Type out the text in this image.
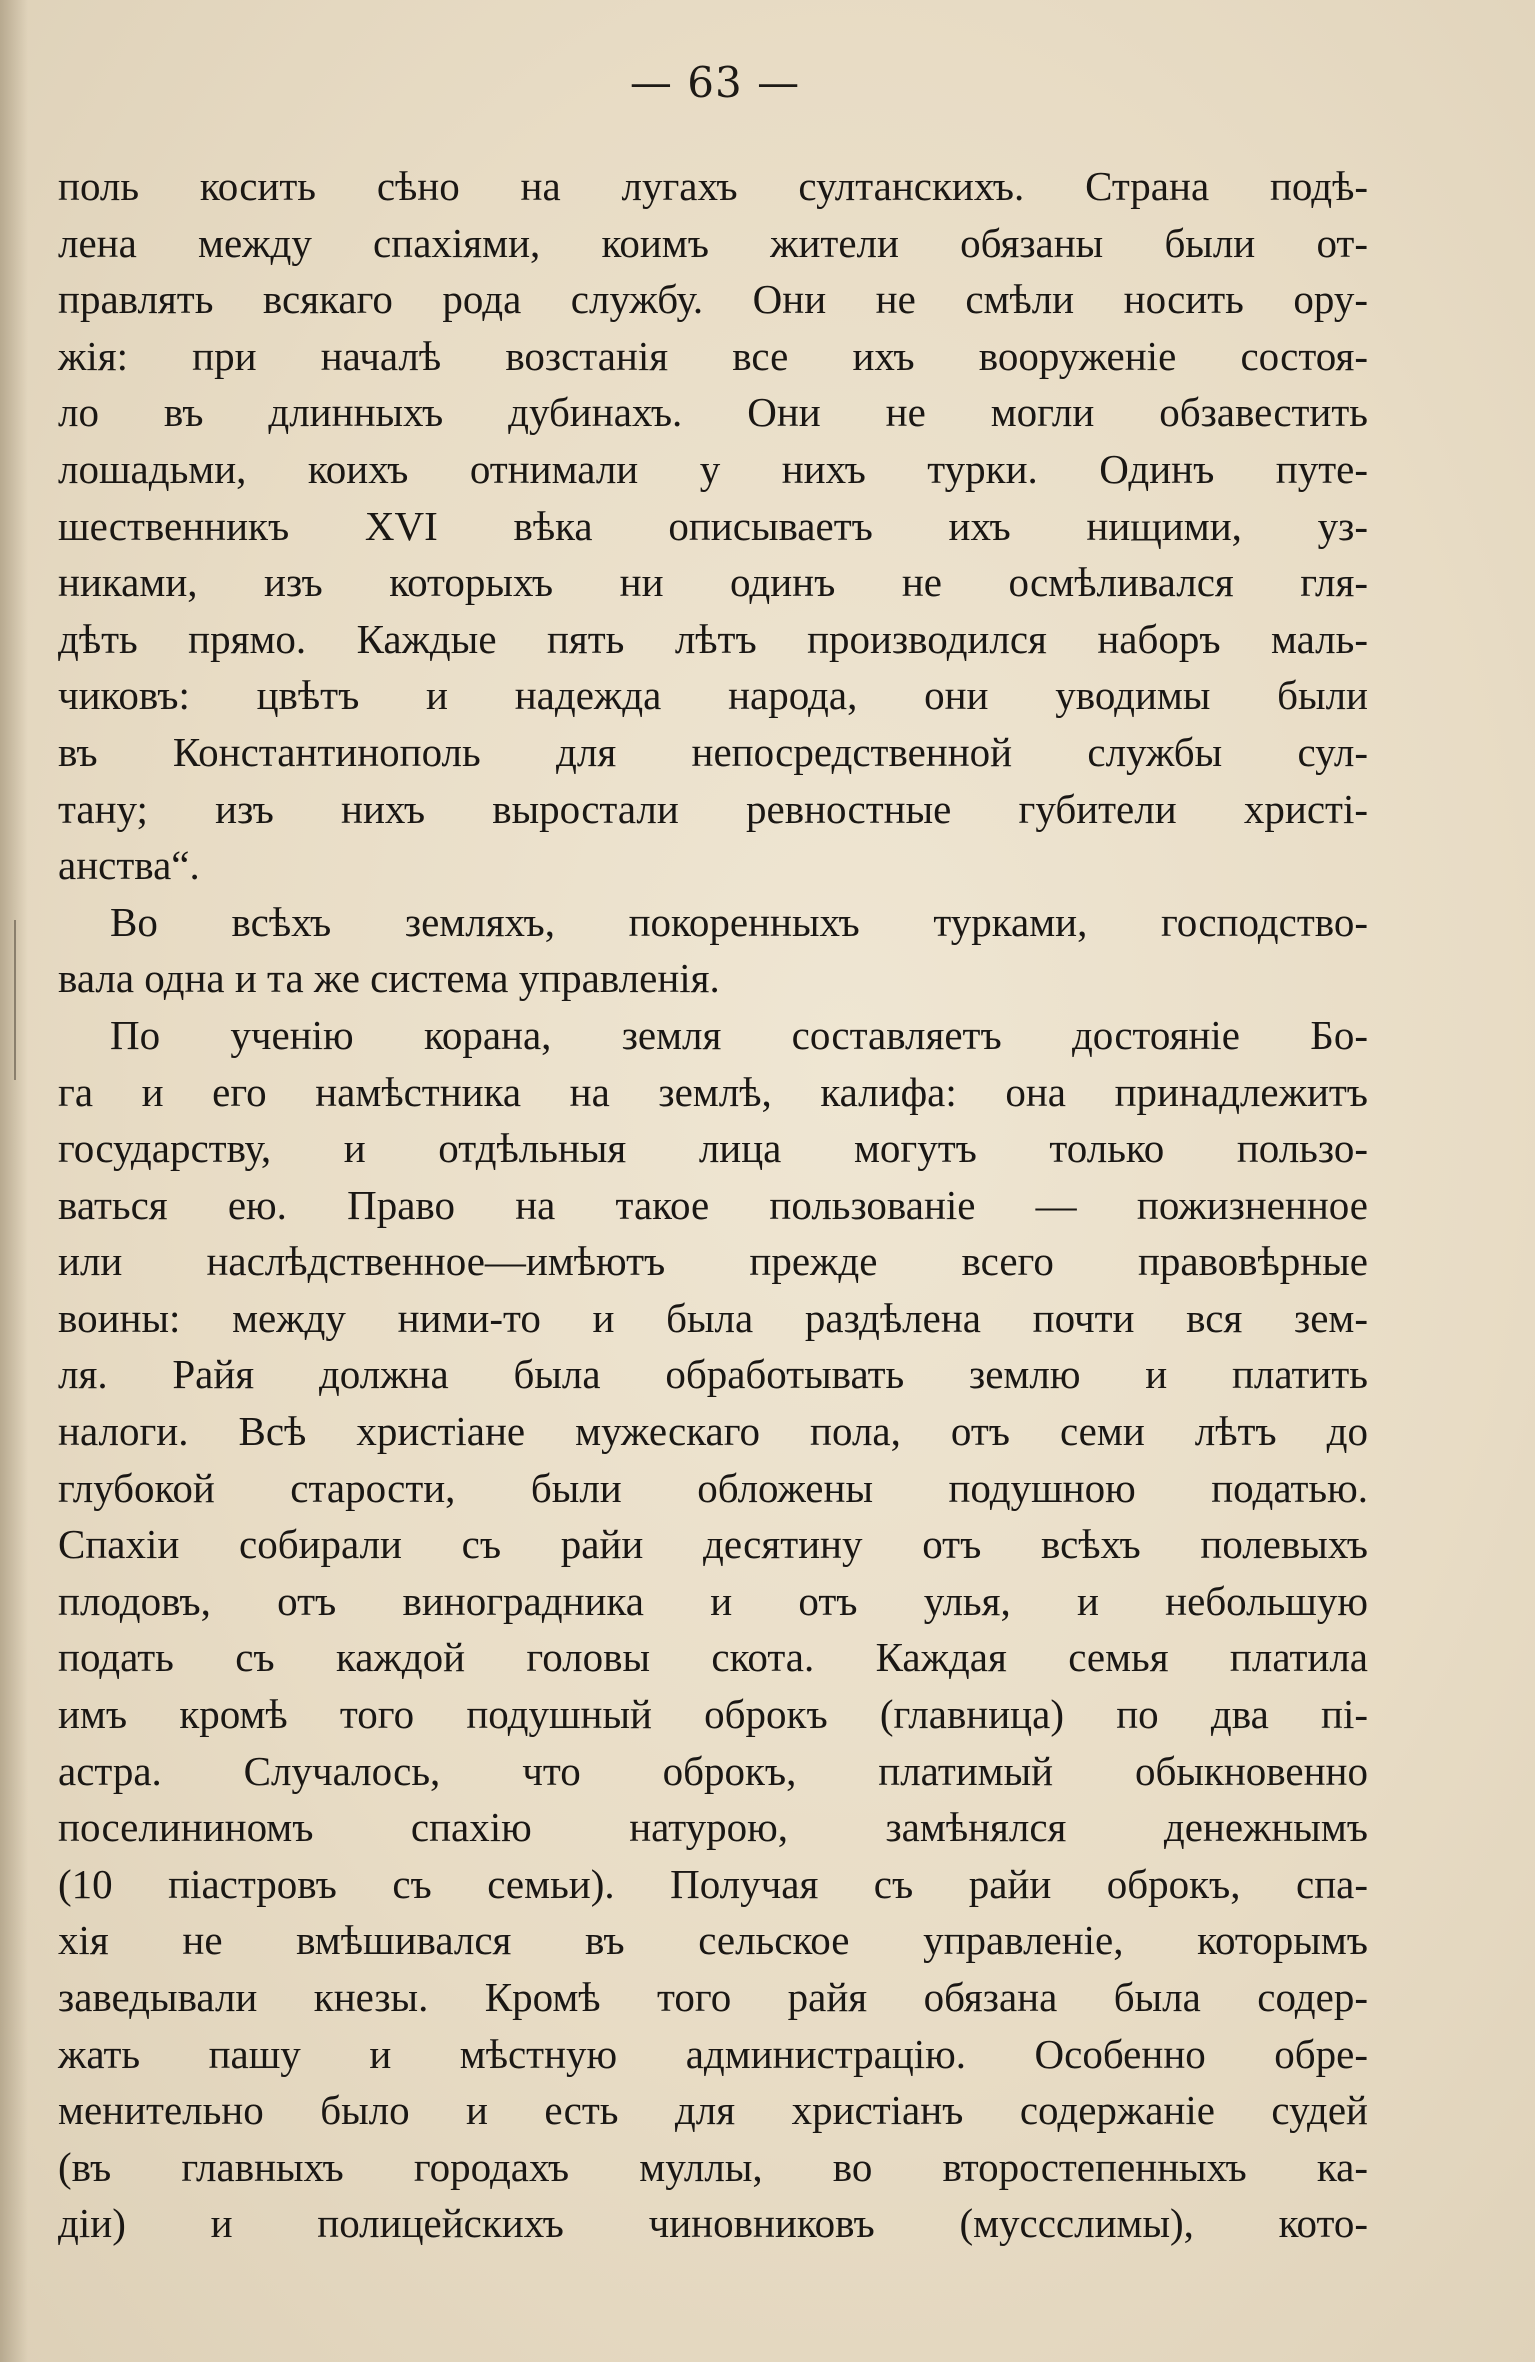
— 63 —
поль косить сѣно на лугахъ султанскихъ. Страна подѣ-
лена между спахіями, коимъ жители обязаны были от-
правлять всякаго рода службу. Они не смѣли носить ору-
жія: при началѣ возстанія все ихъ вооруженіе состоя-
ло въ длинныхъ дубинахъ. Они не могли обзавестить
лошадьми, коихъ отнимали у нихъ турки. Одинъ путе-
шественникъ XVI вѣка описываетъ ихъ нищими, уз-
никами, изъ которыхъ ни одинъ не осмѣливался гля-
дѣть прямо. Каждые пять лѣтъ производился наборъ маль-
чиковъ: цвѣтъ и надежда народа, они уводимы были
въ Константинополь для непосредственной службы сул-
тану; изъ нихъ выростали ревностные губители христі-
анства“.
Во всѣхъ земляхъ, покоренныхъ турками, господство-
вала одна и та же система управленія.
По ученію корана, земля составляетъ достояніе Бо-
га и его намѣстника на землѣ, калифа: она принадлежитъ
государству, и отдѣльныя лица могутъ только пользо-
ваться ею. Право на такое пользованіе — пожизненное
или наслѣдственное—имѣютъ прежде всего правовѣрные
воины: между ними-то и была раздѣлена почти вся зем-
ля. Райя должна была обработывать землю и платить
налоги. Всѣ христіане мужескаго пола, отъ семи лѣтъ до
глубокой старости, были обложены подушною податью.
Спахіи собирали съ райи десятину отъ всѣхъ полевыхъ
плодовъ, отъ виноградника и отъ улья, и небольшую
подать съ каждой головы скота. Каждая семья платила
имъ кромѣ того подушный оброкъ (главница) по два пі-
астра. Случалось, что оброкъ, платимый обыкновенно
поселининомъ спахію натурою, замѣнялся денежнымъ
(10 піастровъ съ семьи). Получая съ райи оброкъ, спа-
хія не вмѣшивался въ сельское управленіе, которымъ
заведывали кнезы. Кромѣ того райя обязана была содер-
жать пашу и мѣстную администрацію. Особенно обре-
менительно было и есть для христіанъ содержаніе судей
(въ главныхъ городахъ муллы, во второстепенныхъ ка-
діи) и полицейскихъ чиновниковъ (муссслимы), кото-
